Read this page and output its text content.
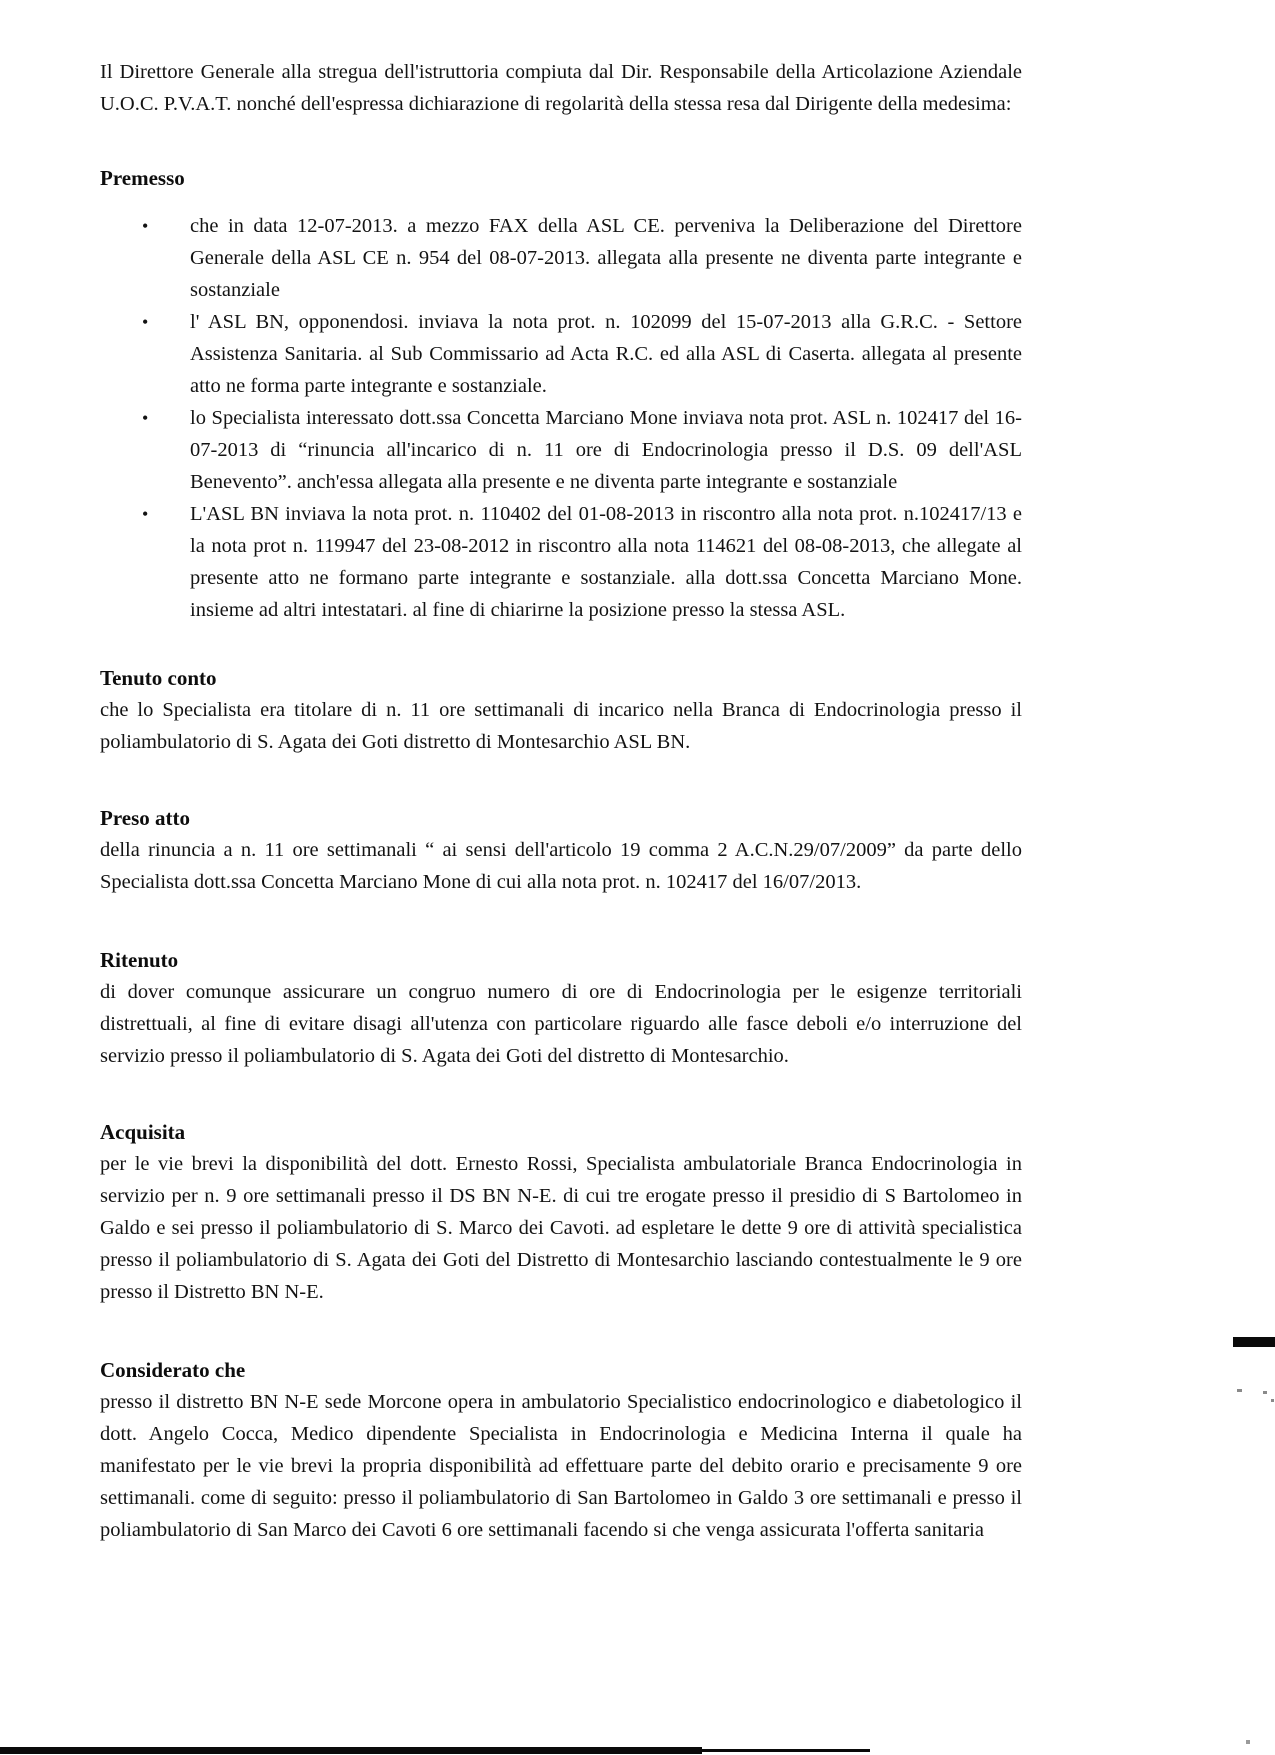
Il Direttore Generale alla stregua dell'istruttoria compiuta dal Dir. Responsabile della Articolazione Aziendale U.O.C. P.V.A.T. nonché dell'espressa dichiarazione di regolarità della stessa resa dal Dirigente della medesima:

Premesso
• che in data 12-07-2013. a mezzo FAX della ASL CE. perveniva la Deliberazione del Direttore Generale della ASL CE n. 954 del 08-07-2013. allegata alla presente ne diventa parte integrante e sostanziale
• l' ASL BN, opponendosi. inviava la nota prot. n. 102099 del 15-07-2013 alla G.R.C. - Settore Assistenza Sanitaria. al Sub Commissario ad Acta R.C. ed alla ASL di Caserta. allegata al presente atto ne forma parte integrante e sostanziale.
• lo Specialista interessato dott.ssa Concetta Marciano Mone inviava nota prot. ASL n. 102417 del 16-07-2013 di “rinuncia all'incarico di n. 11 ore di Endocrinologia presso il D.S. 09 dell'ASL Benevento”. anch'essa allegata alla presente e ne diventa parte integrante e sostanziale
• L'ASL BN inviava la nota prot. n. 110402 del 01-08-2013 in riscontro alla nota prot. n.102417/13 e la nota prot n. 119947 del 23-08-2012 in riscontro alla nota 114621 del 08-08-2013, che allegate al presente atto ne formano parte integrante e sostanziale. alla dott.ssa Concetta Marciano Mone. insieme ad altri intestatari. al fine di chiarirne la posizione presso la stessa ASL.
Tenuto conto

che lo Specialista era titolare di n. 11 ore settimanali di incarico nella Branca di Endocrinologia presso il poliambulatorio di S. Agata dei Goti distretto di Montesarchio ASL BN.

Preso atto

della rinuncia a n. 11 ore settimanali “ ai sensi dell'articolo 19 comma 2 A.C.N.29/07/2009” da parte dello Specialista dott.ssa Concetta Marciano Mone di cui alla nota prot. n. 102417 del 16/07/2013.

Ritenuto

di dover comunque assicurare un congruo numero di ore di Endocrinologia per le esigenze territoriali distrettuali, al fine di evitare disagi all'utenza con particolare riguardo alle fasce deboli e/o interruzione del servizio presso il poliambulatorio di S. Agata dei Goti del distretto di Montesarchio.

Acquisita

per le vie brevi la disponibilità del dott. Ernesto Rossi, Specialista ambulatoriale Branca Endocrinologia in servizio per n. 9 ore settimanali presso il DS BN N-E. di cui tre erogate presso il presidio di S Bartolomeo in Galdo e sei presso il poliambulatorio di S. Marco dei Cavoti. ad espletare le dette 9 ore di attività specialistica presso il poliambulatorio di S. Agata dei Goti del Distretto di Montesarchio lasciando contestualmente le 9 ore presso il Distretto BN N-E.

Considerato che

presso il distretto BN N-E sede Morcone opera in ambulatorio Specialistico endocrinologico e diabetologico il dott. Angelo Cocca, Medico dipendente Specialista in Endocrinologia e Medicina Interna il quale ha manifestato per le vie brevi la propria disponibilità ad effettuare parte del debito orario e precisamente 9 ore settimanali. come di seguito: presso il poliambulatorio di San Bartolomeo in Galdo 3 ore settimanali e presso il poliambulatorio di San Marco dei Cavoti 6 ore settimanali facendo si che venga assicurata l'offerta sanitaria
